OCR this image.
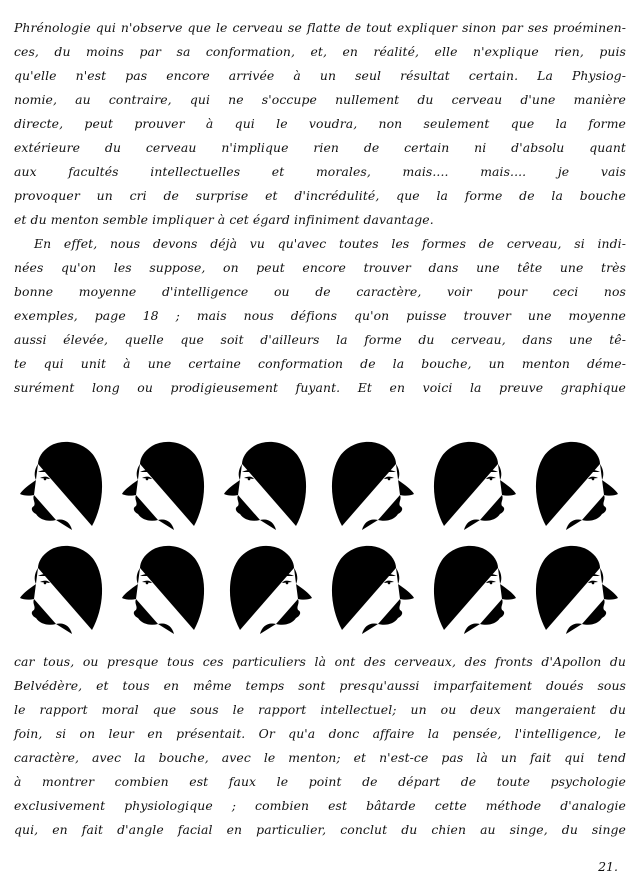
Phrénologie qui n'observe que le cerveau se flatte de tout expliquer sinon par ses proéminen-
ces, du moins par sa conformation, et, en réalité, elle n'explique rien, puis
qu'elle n'est pas encore arrivée à un seul résultat certain. La Physiog-
nomie, au contraire, qui ne s'occupe nullement du cerveau d'une manière
directe, peut prouver à qui le voudra, non seulement que la forme
extérieure du cerveau n'implique rien de certain ni d'absolu quant
aux facultés intellectuelles et morales, mais.... mais.... je vais
provoquer un cri de surprise et d'incrédulité, que la forme de la bouche
et du menton semble impliquer à cet égard infiniment davantage.
En effet, nous devons déjà vu qu'avec toutes les formes de cerveau, si indi-
nées qu'on les suppose, on peut encore trouver dans une tête une très
bonne moyenne d'intelligence ou de caractère, voir pour ceci nos
exemples, page 18 ; mais nous défions qu'on puisse trouver une moyenne
aussi élevée, quelle que soit d'ailleurs la forme du cerveau, dans une tê-
te qui unit à une certaine conformation de la bouche, un menton déme-
surément long ou prodigieusement fuyant. Et en voici la preuve graphique
car tous, ou presque tous ces particuliers là ont des cerveaux, des fronts d'Apollon du
Belvédère, et tous en même temps sont presqu'aussi imparfaitement doués sous
le rapport moral que sous le rapport intellectuel; un ou deux mangeraient du
foin, si on leur en présentait. Or qu'a donc affaire la pensée, l'intelligence, le
caractère, avec la bouche, avec le menton; et n'est-ce pas là un fait qui tend
à montrer combien est faux le point de départ de toute psychologie
exclusivement physiologique ; combien est bâtarde cette méthode d'analogie
qui, en fait d'angle facial en particulier, conclut du chien au singe, du singe
21.
